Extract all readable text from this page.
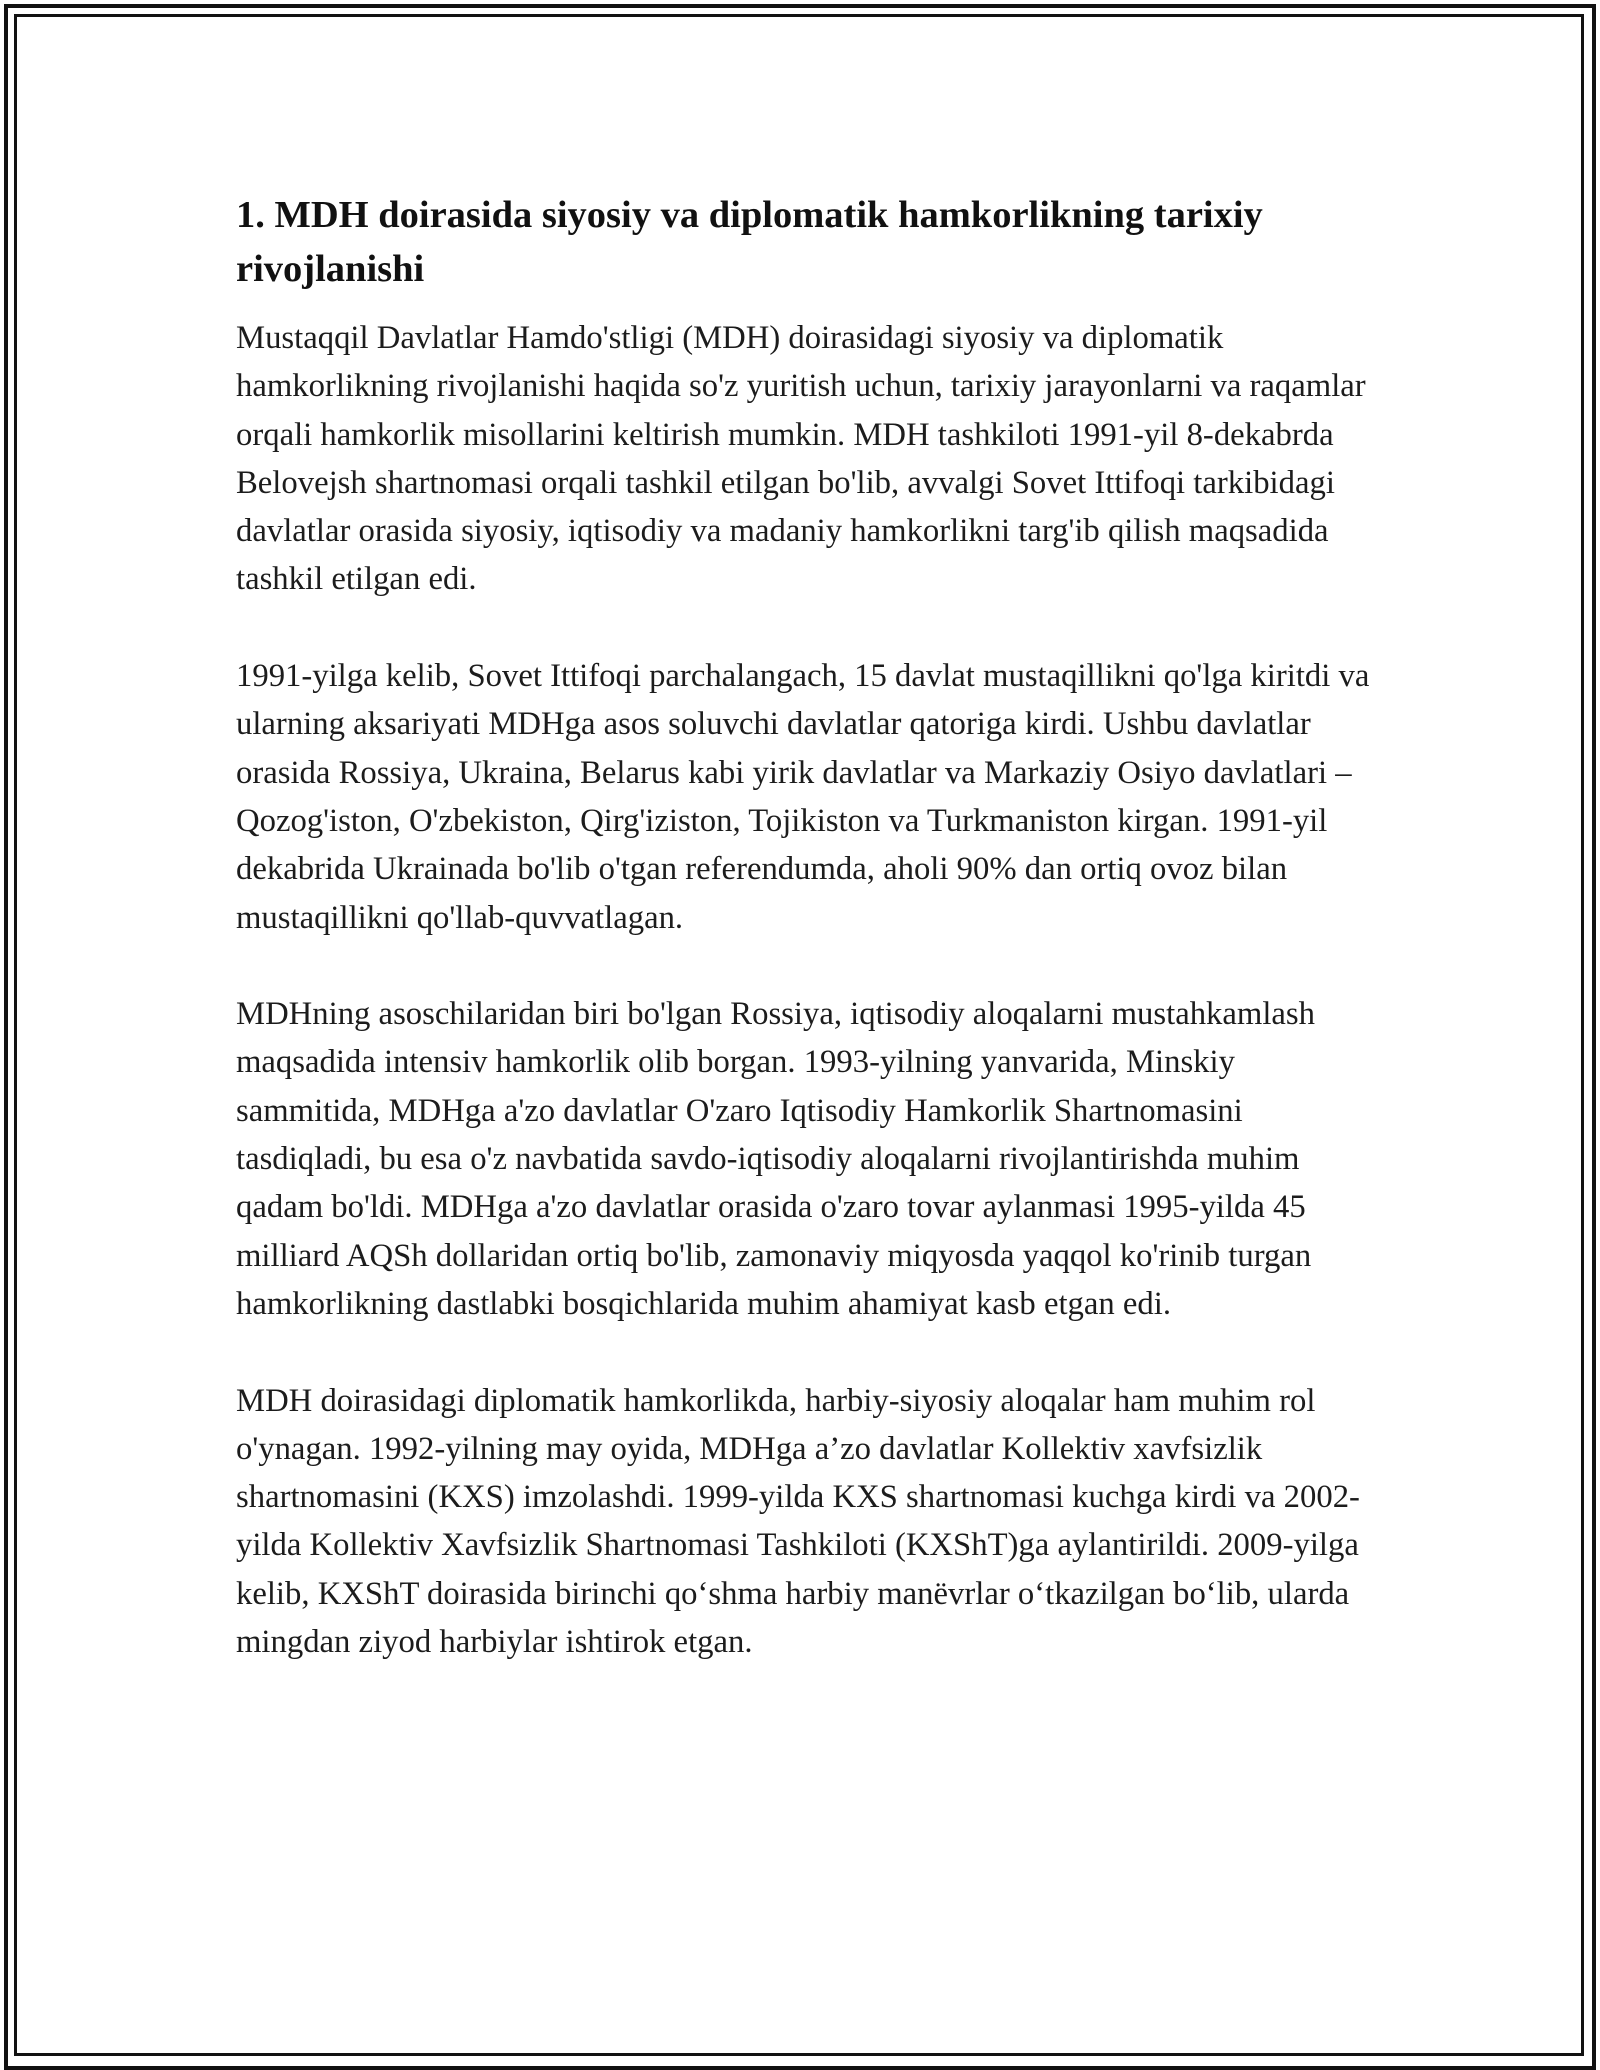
1. MDH doirasida siyosiy va diplomatik hamkorlikning tarixiy rivojlanishi

Mustaqqil Davlatlar Hamdo'stligi (MDH) doirasidagi siyosiy va diplomatik hamkorlikning rivojlanishi haqida so'z yuritish uchun, tarixiy jarayonlarni va raqamlar orqali hamkorlik misollarini keltirish mumkin. MDH tashkiloti 1991-yil 8-dekabrda Belovejsh shartnomasi orqali tashkil etilgan bo'lib, avvalgi Sovet Ittifoqi tarkibidagi davlatlar orasida siyosiy, iqtisodiy va madaniy hamkorlikni targ'ib qilish maqsadida tashkil etilgan edi.

1991-yilga kelib, Sovet Ittifoqi parchalangach, 15 davlat mustaqillikni qo'lga kiritdi va ularning aksariyati MDHga asos soluvchi davlatlar qatoriga kirdi. Ushbu davlatlar orasida Rossiya, Ukraina, Belarus kabi yirik davlatlar va Markaziy Osiyo davlatlari – Qozog'iston, O'zbekiston, Qirg'iziston, Tojikiston va Turkmaniston kirgan. 1991-yil dekabrida Ukrainada bo'lib o'tgan referendumda, aholi 90% dan ortiq ovoz bilan mustaqillikni qo'llab-quvvatlagan.

MDHning asoschilaridan biri bo'lgan Rossiya, iqtisodiy aloqalarni mustahkamlash maqsadida intensiv hamkorlik olib borgan. 1993-yilning yanvarida, Minskiy sammitida, MDHga a'zo davlatlar O'zaro Iqtisodiy Hamkorlik Shartnomasini tasdiqladi, bu esa o'z navbatida savdo-iqtisodiy aloqalarni rivojlantirishda muhim qadam bo'ldi. MDHga a'zo davlatlar orasida o'zaro tovar aylanmasi 1995-yilda 45 milliard AQSh dollaridan ortiq bo'lib, zamonaviy miqyosda yaqqol ko'rinib turgan hamkorlikning dastlabki bosqichlarida muhim ahamiyat kasb etgan edi.

MDH doirasidagi diplomatik hamkorlikda, harbiy-siyosiy aloqalar ham muhim rol o'ynagan. 1992-yilning may oyida, MDHga a’zo davlatlar Kollektiv xavfsizlik shartnomasini (KXS) imzolashdi. 1999-yilda KXS shartnomasi kuchga kirdi va 2002-yilda Kollektiv Xavfsizlik Shartnomasi Tashkiloti (KXShT)ga aylantirildi. 2009-yilga kelib, KXShT doirasida birinchi qo‘shma harbiy manëvrlar o‘tkazilgan bo‘lib, ularda mingdan ziyod harbiylar ishtirok etgan.
